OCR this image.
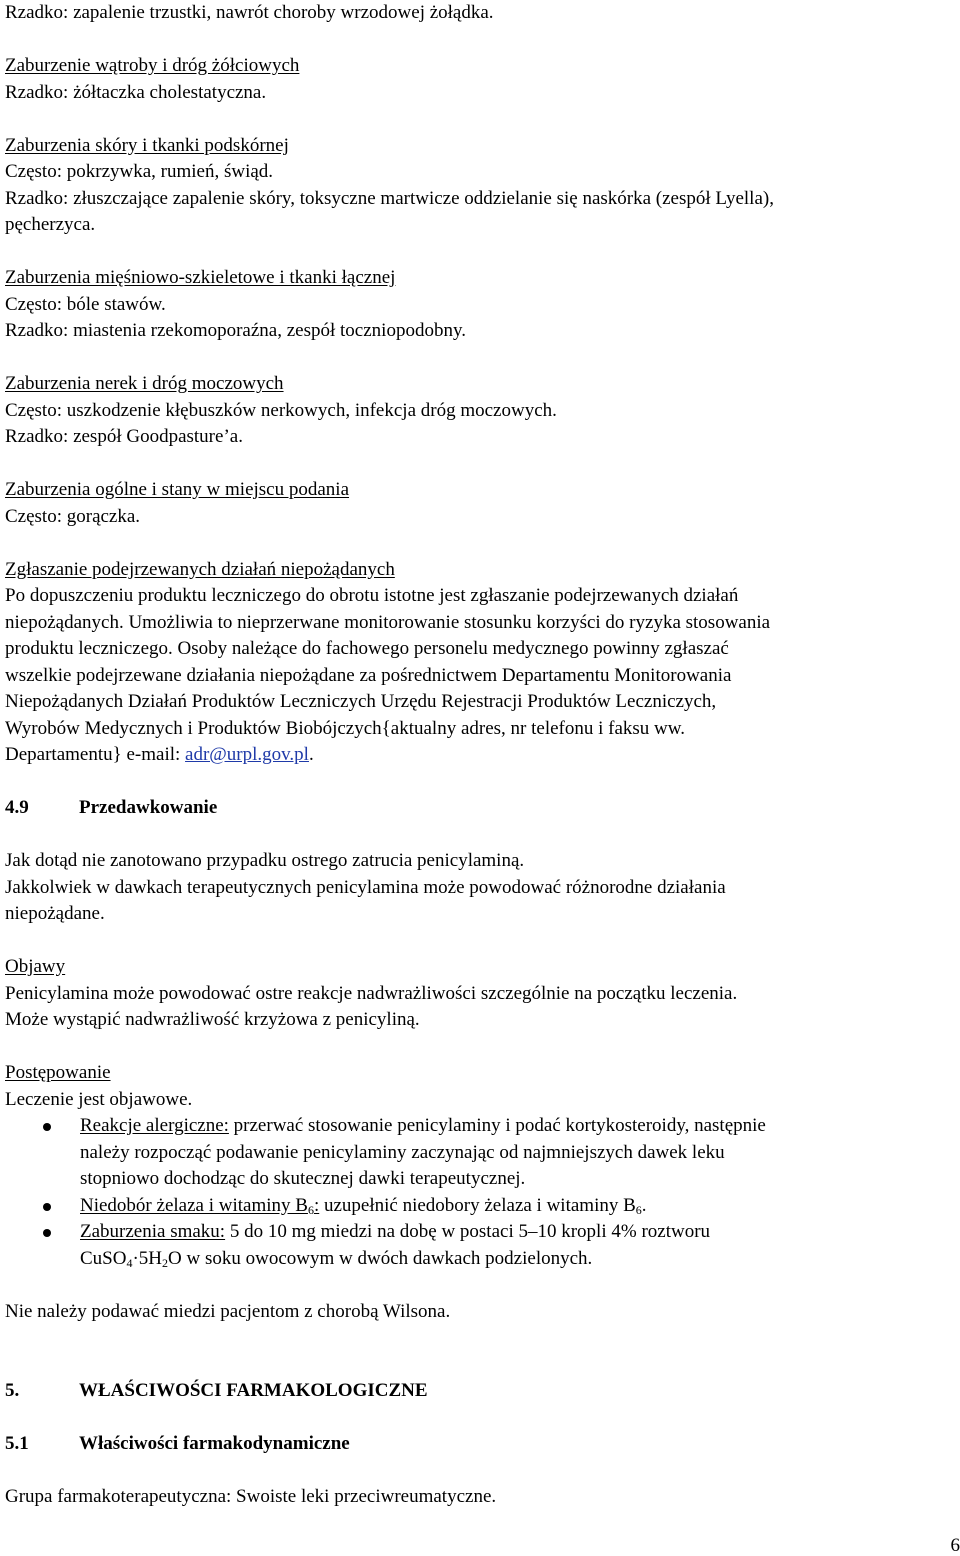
Rzadko: zapalenie trzustki, nawrót choroby wrzodowej żołądka.
Zaburzenie wątroby i dróg żółciowych
Rzadko: żółtaczka cholestatyczna.
Zaburzenia skóry i tkanki podskórnej
Często: pokrzywka, rumień, świąd.
Rzadko: złuszczające zapalenie skóry, toksyczne martwicze oddzielanie się naskórka (zespół Lyella),
pęcherzyca.
Zaburzenia mięśniowo-szkieletowe i tkanki łącznej
Często: bóle stawów.
Rzadko: miastenia rzekomoporaźna, zespół toczniopodobny.
Zaburzenia nerek i dróg moczowych
Często: uszkodzenie kłębuszków nerkowych, infekcja dróg moczowych.
Rzadko: zespół Goodpasture’a.
Zaburzenia ogólne i stany w miejscu podania
Często: gorączka.
Zgłaszanie podejrzewanych działań niepożądanych
Po dopuszczeniu produktu leczniczego do obrotu istotne jest zgłaszanie podejrzewanych działań
niepożądanych. Umożliwia to nieprzerwane monitorowanie stosunku korzyści do ryzyka stosowania
produktu leczniczego. Osoby należące do fachowego personelu medycznego powinny zgłaszać
wszelkie podejrzewane działania niepożądane za pośrednictwem Departamentu Monitorowania
Niepożądanych Działań Produktów Leczniczych Urzędu Rejestracji Produktów Leczniczych,
Wyrobów Medycznych i Produktów Biobójczych{aktualny adres, nr telefonu i faksu ww.
Departamentu} e-mail: adr@urpl.gov.pl.
4.9	Przedawkowanie
Jak dotąd nie zanotowano przypadku ostrego zatrucia penicylaminą.
Jakkolwiek w dawkach terapeutycznych penicylamina może powodować różnorodne działania
niepożądane.
Objawy
Penicylamina może powodować ostre reakcje nadwrażliwości szczególnie na początku leczenia.
Może wystąpić nadwrażliwość krzyżowa z penicyliną.
Postępowanie
Leczenie jest objawowe.
Reakcje alergiczne: przerwać stosowanie penicylaminy i podać kortykosteroidy, następnie
należy rozpocząć podawanie penicylaminy zaczynając od najmniejszych dawek leku
stopniowo dochodząc do skutecznej dawki terapeutycznej.
Niedobór żelaza i witaminy $B_6$: uzupełnić niedobory żelaza i witaminy $B_6$.
Zaburzenia smaku: 5 do 10 mg miedzi na dobę w postaci 5–10 kropli 4% roztworu
$CuSO_4\cdot 5H_2O$ w soku owocowym w dwóch dawkach podzielonych.
Nie należy podawać miedzi pacjentom z chorobą Wilsona.
5.	WŁAŚCIWOŚCI FARMAKOLOGICZNE
5.1	Właściwości farmakodynamiczne
Grupa farmakoterapeutyczna: Swoiste leki przeciwreumatyczne.
6
